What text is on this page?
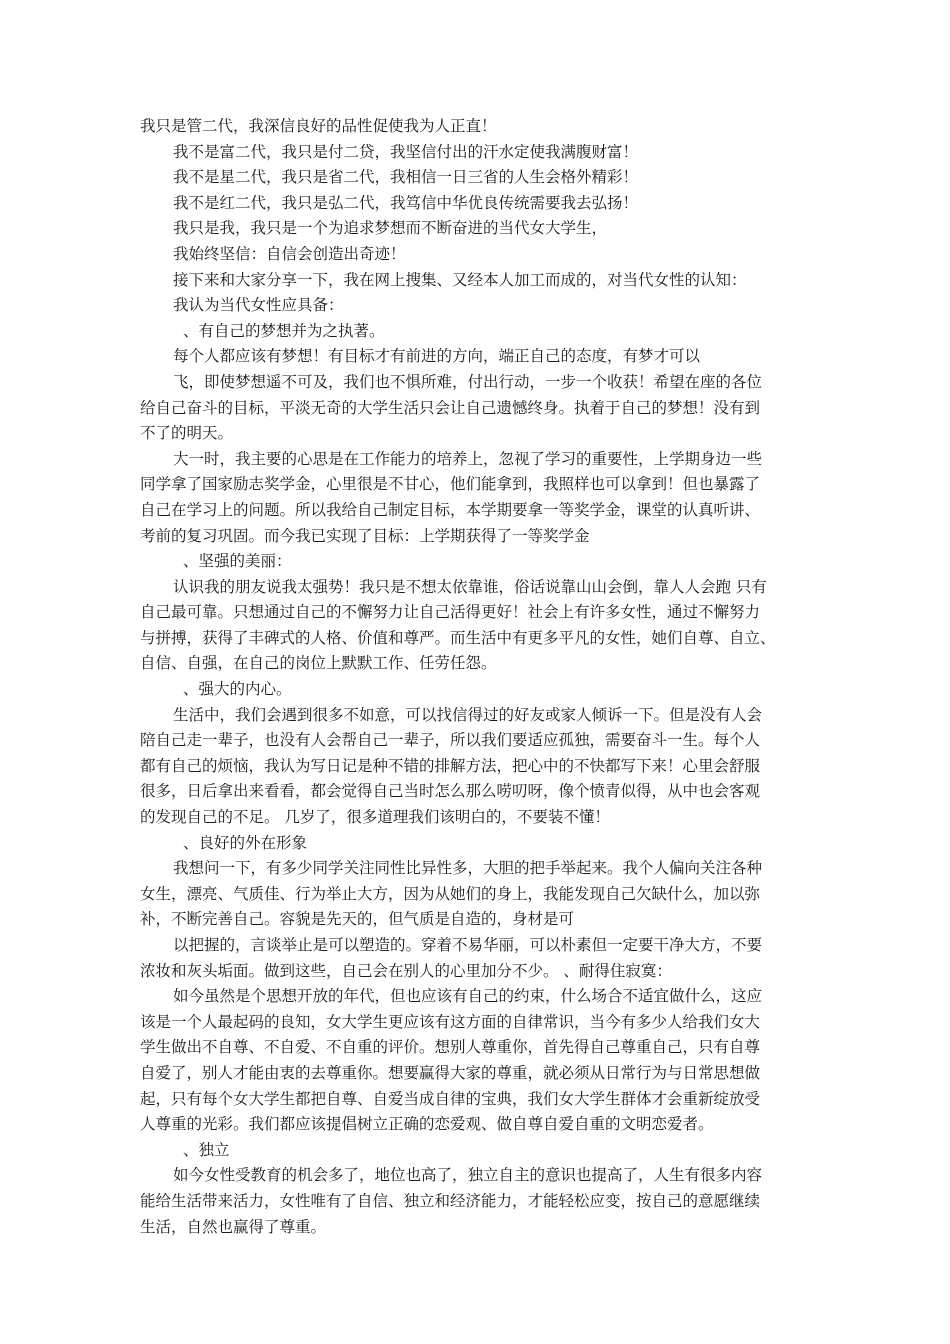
我只是管二代，我深信良好的品性促使我为人正直！
我不是富二代，我只是付二贷，我坚信付出的汗水定使我满腹财富！
我不是星二代，我只是省二代，我相信一日三省的人生会格外精彩！
我不是红二代，我只是弘二代，我笃信中华优良传统需要我去弘扬！
我只是我，我只是一个为追求梦想而不断奋进的当代女大学生，
我始终坚信：自信会创造出奇迹！
接下来和大家分享一下，我在网上搜集、又经本人加工而成的，对当代女性的认知：
我认为当代女性应具备：
、有自己的梦想并为之执著。
每个人都应该有梦想！有目标才有前进的方向，端正自己的态度，有梦才可以
飞，即使梦想遥不可及，我们也不惧所难，付出行动，一步一个收获！希望在座的各位
给自己奋斗的目标，平淡无奇的大学生活只会让自己遗憾终身。执着于自己的梦想！没有到
不了的明天。
大一时，我主要的心思是在工作能力的培养上，忽视了学习的重要性，上学期身边一些
同学拿了国家励志奖学金，心里很是不甘心，他们能拿到，我照样也可以拿到！但也暴露了
自己在学习上的问题。所以我给自己制定目标，本学期要拿一等奖学金，课堂的认真听讲、
考前的复习巩固。而今我已实现了目标：上学期获得了一等奖学金
、坚强的美丽：
认识我的朋友说我太强势！我只是不想太依靠谁，俗话说靠山山会倒，靠人人会跑 只有
自己最可靠。只想通过自己的不懈努力让自己活得更好！社会上有许多女性，通过不懈努力
与拼搏，获得了丰碑式的人格、价值和尊严。而生活中有更多平凡的女性，她们自尊、自立、
自信、自强，在自己的岗位上默默工作、任劳任怨。
、强大的内心。
生活中，我们会遇到很多不如意，可以找信得过的好友或家人倾诉一下。但是没有人会
陪自己走一辈子，也没有人会帮自己一辈子，所以我们要适应孤独，需要奋斗一生。每个人
都有自己的烦恼，我认为写日记是种不错的排解方法，把心中的不快都写下来！心里会舒服
很多，日后拿出来看看，都会觉得自己当时怎么那么唠叨呀，像个愤青似得，从中也会客观
的发现自己的不足。 几岁了，很多道理我们该明白的，不要装不懂！
、良好的外在形象
我想问一下，有多少同学关注同性比异性多，大胆的把手举起来。我个人偏向关注各种
女生，漂亮、气质佳、行为举止大方，因为从她们的身上，我能发现自己欠缺什么，加以弥
补，不断完善自己。容貌是先天的，但气质是自造的，身材是可
以把握的，言谈举止是可以塑造的。穿着不易华丽，可以朴素但一定要干净大方，不要
浓妆和灰头垢面。做到这些，自己会在别人的心里加分不少。 、耐得住寂寞：
如今虽然是个思想开放的年代，但也应该有自己的约束，什么场合不适宜做什么，这应
该是一个人最起码的良知，女大学生更应该有这方面的自律常识，当今有多少人给我们女大
学生做出不自尊、不自爱、不自重的评价。想别人尊重你，首先得自己尊重自己，只有自尊
自爱了，别人才能由衷的去尊重你。想要赢得大家的尊重，就必须从日常行为与日常思想做
起，只有每个女大学生都把自尊、自爱当成自律的宝典，我们女大学生群体才会重新绽放受
人尊重的光彩。我们都应该提倡树立正确的恋爱观、做自尊自爱自重的文明恋爱者。
、独立
如今女性受教育的机会多了，地位也高了，独立自主的意识也提高了，人生有很多内容
能给生活带来活力，女性唯有了自信、独立和经济能力，才能轻松应变，按自己的意愿继续
生活，自然也赢得了尊重。
